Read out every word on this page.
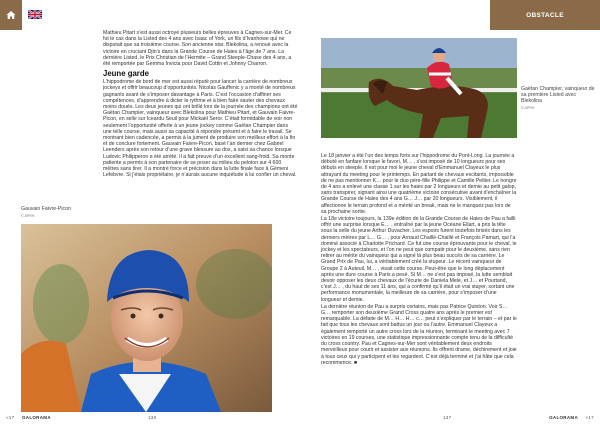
OBSTACLE

Mathieu Pitart s’est aussi octroyé plusieurs belles épreuves à Cagnes-sur-Mer. Ce fut le cas dans la Listed des 4 ans avec Isaac of York, un fils d’Ivanhowe qui ne disputait que sa troisième course. Son ancienne star, Blekolina, a renoué avec la victoire en cruciant Djin’s dans la Grande Course de Haies à l’âge de 7 ans. La dernière Listed, le Prix Christian de l’Hermite – Grand Steeple-Chase des 4 ans, a été remportée par Gemma Invicta pour David Cottin et Johnny Charron.

Jeune garde

L’hippodrome de bord de mer est aussi réputé pour lancer la carrière de nombreux jockeys et offrir beaucoup d’opportunités. Nicolas Gauffenic y a monté de nombreux gagnants avant de s’imposer davantage à Paris. C’est l’occasion d’affiner ses compétences, d’apprendre à dicter le rythme et à bien faire sauter des chevaux moins doués. Les deux jeunes qui ont brillé lors de la journée des champions ont été Gaëtan Champier, vainqueur avec Blekolina pour Mathieu Pitart, et Gauvain Faivre-Picon, en selle sur Iceardu Seuil pour Mickaël Seror. C’était formidable de voir non seulement l’opportunité offerte à un jeune jockey comme Gaëtan Champier dans une telle course, mais aussi sa capacité à répondre présent et à faire le travail. Se montrant bien cadencée, a permis à la jument de produire son meilleur effort à la fin et de conclure fortement. Gauvain Faivre-Picon, basé l’an dernier chez Gabriel Leenders après son retour d’une grave blessure au dos, a saisi sa chance lorsque Ludovic Philipperon a été arrêté. Il a fait preuve d’un excellent sang-froid. Sa monte patiente a permis à son partenaire de se poser au milieu du peloton sur 4 600 mètres sans tirer. Il a montré force et précision dans la lutte finale face à Gémeni Lefebvre. Si j’étais propriétaire, je n’aurais aucune inquiétude à lui confier un cheval.

Gauvain Faivre-Picon
© APRH
«17 GALORAMA	136
Gaëtan Champier, vainqueur de sa première Listed avec Blekolina
© APRH

Le 18 janvier a été l’un des temps forts sur l’hippodrome du Pont-Long. La journée a débuté en fanfare lorsque le favori, M… , s’est imposé de 10 longueurs pour ses débuts en steeple. Il est pour moi le jeune cheval d’Emmanuel Clayeux le plus attrayant du meeting pour le printemps. En parlant de chevaux excitants, impossible de ne pas mentionner K… pour le duo père-fille Philippe et Camille Peltier. Le hongre de 4 ans a enlevé une classe 1 sur les haies par 2 longueurs et demie au petit galop, sans transpirer, signant ainsi une quatrième victoire consécutive avant d’enchaîner la Grande Course de Haies des 4 ans G… J… par 20 longueurs. Visiblement, il affectionne le terrain profond et a mérité un break, mais ne le manquez pas lors de sa prochaine sortie.

La 18e victoire toujours, la 139e édition de la Grande Course de Haies de Pau a failli offrir une surprise lorsque E… , entraîné par la jeune Océane Ellart, a pris la tête sous la selle du jeune Arthur Duvacher. Les espoirs furent toutefois brisés dans les derniers mètres par L… G… , pour Arnaud Chaillé-Chaillé et François Pamart, qui l’a dominé associé à Charlotte Prichard. Ce fut une course éprouvante pour le cheval, le jockey et les spectateurs, et l’on ne peut que compatir pour le deuxième, sans rien retirer au mérite du vainqueur qui a signé là plus beau succès de sa carrière. Le Grand Prix de Pau, lui, a véritablement créé la stupeur. Le récent vainqueur de Groupe 2 à Auteuil, M… , visait cette course. Peut-être que le long déplacement après une dure course à Paris a pesé. Si M… ne s’est pas imposé, la lutte semblait devoir opposer les deux chevaux de l’écurie de Daniela Mele, et J… et Pourtand, c’est J… , du haut de ses 11 ans, qui a confirmé qu’il était un vrai stayer, sortant une performance monumentale, la meilleure de sa carrière, pour s’imposer d’une longueur et demie.

La dernière réunion de Pau a surpris certains, mais pas Patrice Quinton. Voir S… G… remporter son deuxième Grand Cross quatre ans après le premier est remarquable. La défaite de M… H… H… c… peut s’expliquer par le terrain – et par le fait que tous les chevaux sont battus un jour ou l’autre. Emmanuel Clayeux a également remporté un autre cross lors de la réunion, terminant le meeting avec 7 victoires en 19 courses, une statistique impressionnante compte tenu de la difficulté du cross country. Pau et Cagnes-sur-Mer sont véritablement deux endroits merveilleux pour courir et assister aux réunions. Ils offrent drame, déchirement et joie à tous ceux qui y participent et les regardent. C’est déjà terminé et j’ai hâte que cela recommence. ■

137	GALORAMA «17
